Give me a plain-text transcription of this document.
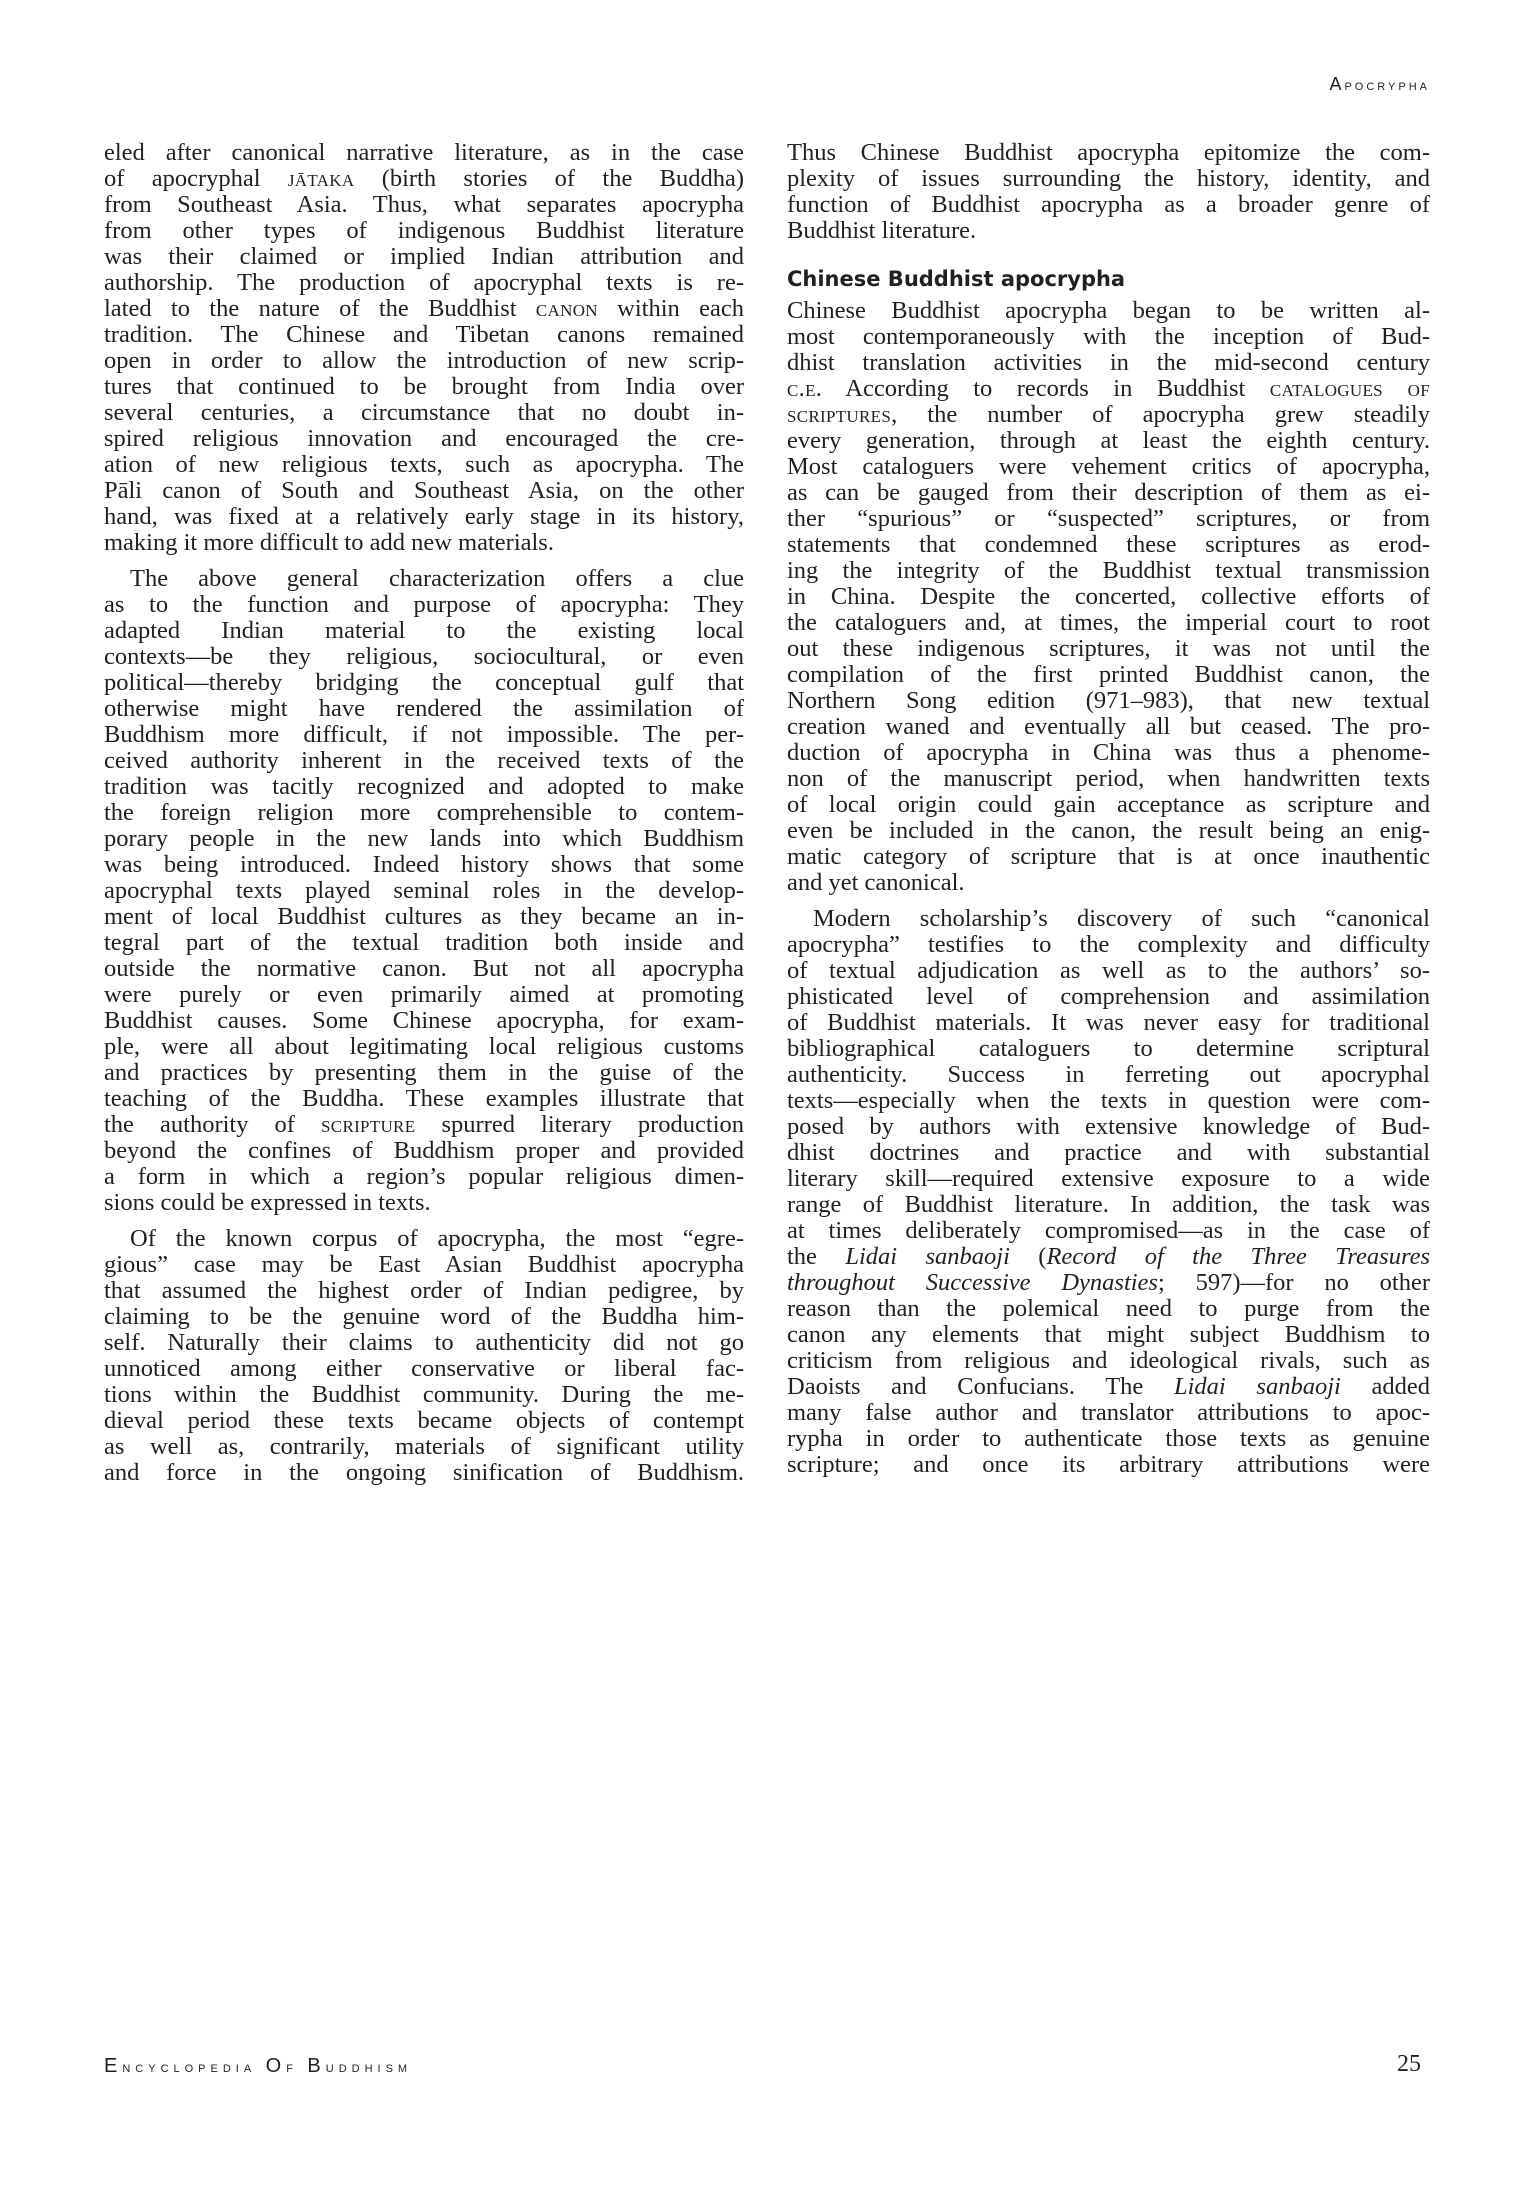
Apocrypha
eled after canonical narrative literature, as in the case
of apocryphal jātaka (birth stories of the Buddha)
from Southeast Asia. Thus, what separates apocrypha
from other types of indigenous Buddhist literature
was their claimed or implied Indian attribution and
authorship. The production of apocryphal texts is re-
lated to the nature of the Buddhist canon within each
tradition. The Chinese and Tibetan canons remained
open in order to allow the introduction of new scrip-
tures that continued to be brought from India over
several centuries, a circumstance that no doubt in-
spired religious innovation and encouraged the cre-
ation of new religious texts, such as apocrypha. The
Pāli canon of South and Southeast Asia, on the other
hand, was fixed at a relatively early stage in its history,
making it more difficult to add new materials.
The above general characterization offers a clue
as to the function and purpose of apocrypha: They
adapted Indian material to the existing local
contexts—be they religious, sociocultural, or even
political—thereby bridging the conceptual gulf that
otherwise might have rendered the assimilation of
Buddhism more difficult, if not impossible. The per-
ceived authority inherent in the received texts of the
tradition was tacitly recognized and adopted to make
the foreign religion more comprehensible to contem-
porary people in the new lands into which Buddhism
was being introduced. Indeed history shows that some
apocryphal texts played seminal roles in the develop-
ment of local Buddhist cultures as they became an in-
tegral part of the textual tradition both inside and
outside the normative canon. But not all apocrypha
were purely or even primarily aimed at promoting
Buddhist causes. Some Chinese apocrypha, for exam-
ple, were all about legitimating local religious customs
and practices by presenting them in the guise of the
teaching of the Buddha. These examples illustrate that
the authority of scripture spurred literary production
beyond the confines of Buddhism proper and provided
a form in which a region’s popular religious dimen-
sions could be expressed in texts.
Of the known corpus of apocrypha, the most “egre-
gious” case may be East Asian Buddhist apocrypha
that assumed the highest order of Indian pedigree, by
claiming to be the genuine word of the Buddha him-
self. Naturally their claims to authenticity did not go
unnoticed among either conservative or liberal fac-
tions within the Buddhist community. During the me-
dieval period these texts became objects of contempt
as well as, contrarily, materials of significant utility
and force in the ongoing sinification of Buddhism.
Thus Chinese Buddhist apocrypha epitomize the com-
plexity of issues surrounding the history, identity, and
function of Buddhist apocrypha as a broader genre of
Buddhist literature.
Chinese Buddhist apocrypha
Chinese Buddhist apocrypha began to be written al-
most contemporaneously with the inception of Bud-
dhist translation activities in the mid-second century
c.e. According to records in Buddhist catalogues of
scriptures, the number of apocrypha grew steadily
every generation, through at least the eighth century.
Most cataloguers were vehement critics of apocrypha,
as can be gauged from their description of them as ei-
ther “spurious” or “suspected” scriptures, or from
statements that condemned these scriptures as erod-
ing the integrity of the Buddhist textual transmission
in China. Despite the concerted, collective efforts of
the cataloguers and, at times, the imperial court to root
out these indigenous scriptures, it was not until the
compilation of the first printed Buddhist canon, the
Northern Song edition (971–983), that new textual
creation waned and eventually all but ceased. The pro-
duction of apocrypha in China was thus a phenome-
non of the manuscript period, when handwritten texts
of local origin could gain acceptance as scripture and
even be included in the canon, the result being an enig-
matic category of scripture that is at once inauthentic
and yet canonical.
Modern scholarship’s discovery of such “canonical
apocrypha” testifies to the complexity and difficulty
of textual adjudication as well as to the authors’ so-
phisticated level of comprehension and assimilation
of Buddhist materials. It was never easy for traditional
bibliographical cataloguers to determine scriptural
authenticity. Success in ferreting out apocryphal
texts—especially when the texts in question were com-
posed by authors with extensive knowledge of Bud-
dhist doctrines and practice and with substantial
literary skill—required extensive exposure to a wide
range of Buddhist literature. In addition, the task was
at times deliberately compromised—as in the case of
the Lidai sanbaoji (Record of the Three Treasures
throughout Successive Dynasties; 597)—for no other
reason than the polemical need to purge from the
canon any elements that might subject Buddhism to
criticism from religious and ideological rivals, such as
Daoists and Confucians. The Lidai sanbaoji added
many false author and translator attributions to apoc-
rypha in order to authenticate those texts as genuine
scripture; and once its arbitrary attributions were
Encyclopedia Of Buddhism	25
